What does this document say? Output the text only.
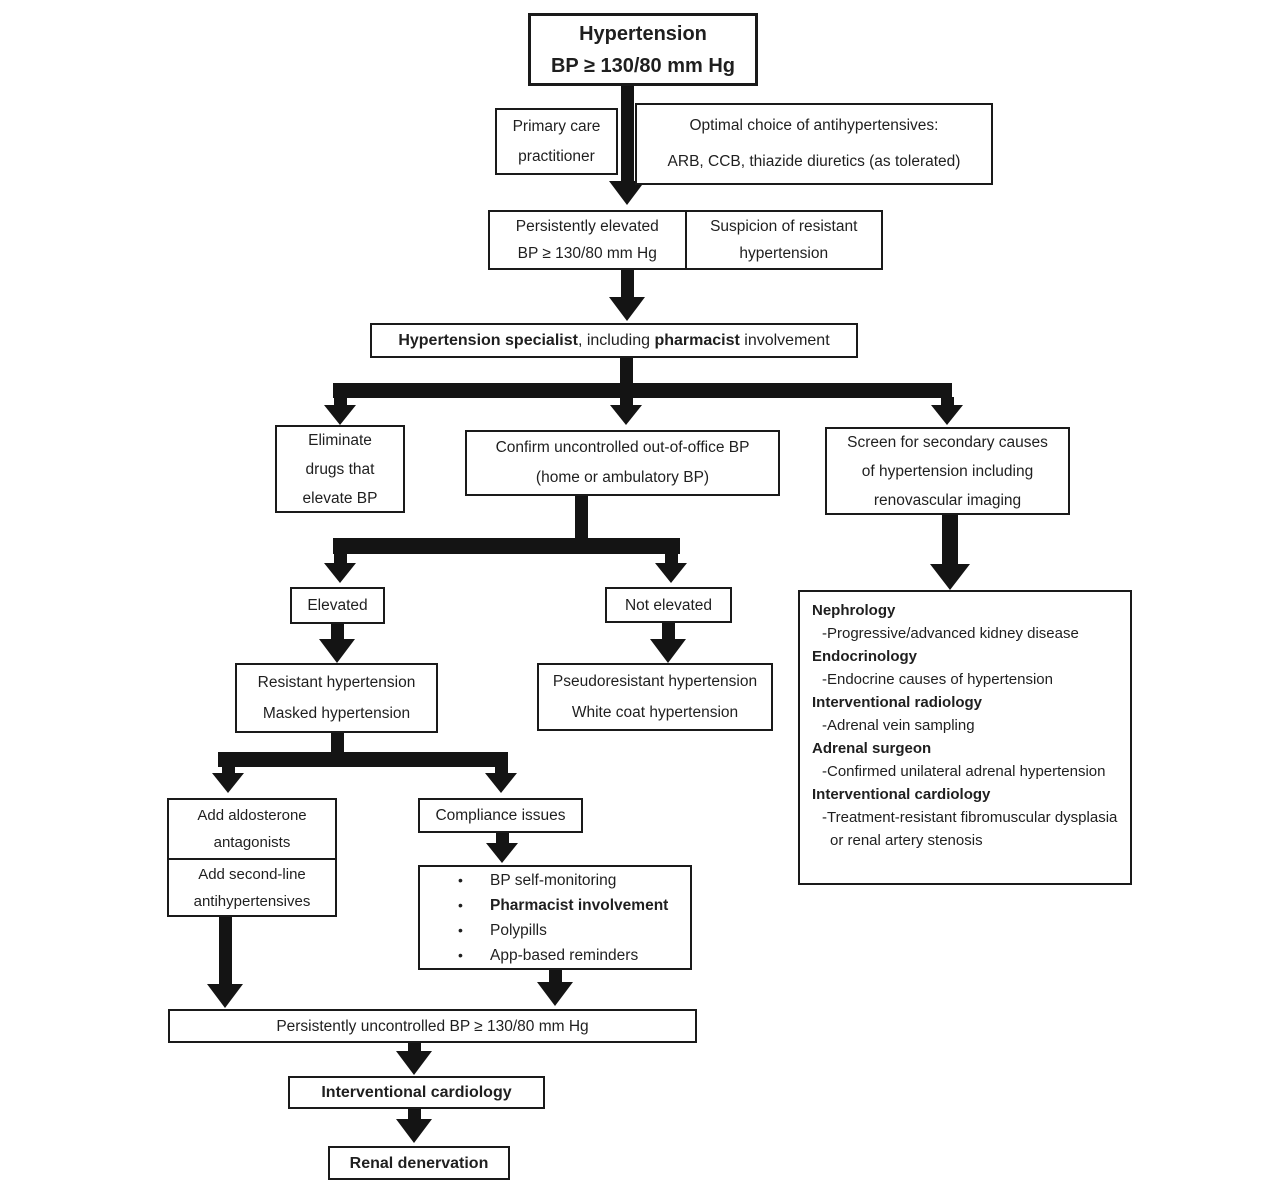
Hypertension
BP ≥ 130/80 mm Hg
Primary care
practitioner
Optimal choice of antihypertensives:
ARB, CCB, thiazide diuretics (as tolerated)
Persistently elevated
BP ≥ 130/80 mm Hg
Suspicion of resistant
hypertension
Hypertension specialist, including pharmacist involvement
Eliminate
drugs that
elevate BP
Confirm uncontrolled out-of-office BP
(home or ambulatory BP)
Screen for secondary causes
of hypertension including
renovascular imaging
Elevated	Not elevated
Resistant hypertension
Masked hypertension
Pseudoresistant hypertension
White coat hypertension
Nephrology
-Progressive/advanced kidney disease
Endocrinology
-Endocrine causes of hypertension
Interventional radiology
-Adrenal vein sampling
Adrenal surgeon
-Confirmed unilateral adrenal hypertension
Interventional cardiology
-Treatment-resistant fibromuscular dysplasia or renal artery stenosis
Add aldosterone
antagonists
Add second-line
antihypertensives
Compliance issues
•	BP self-monitoring
•	Pharmacist involvement
•	Polypills
•	App-based reminders
Persistently uncontrolled BP ≥ 130/80 mm Hg
Interventional cardiology
Renal denervation
